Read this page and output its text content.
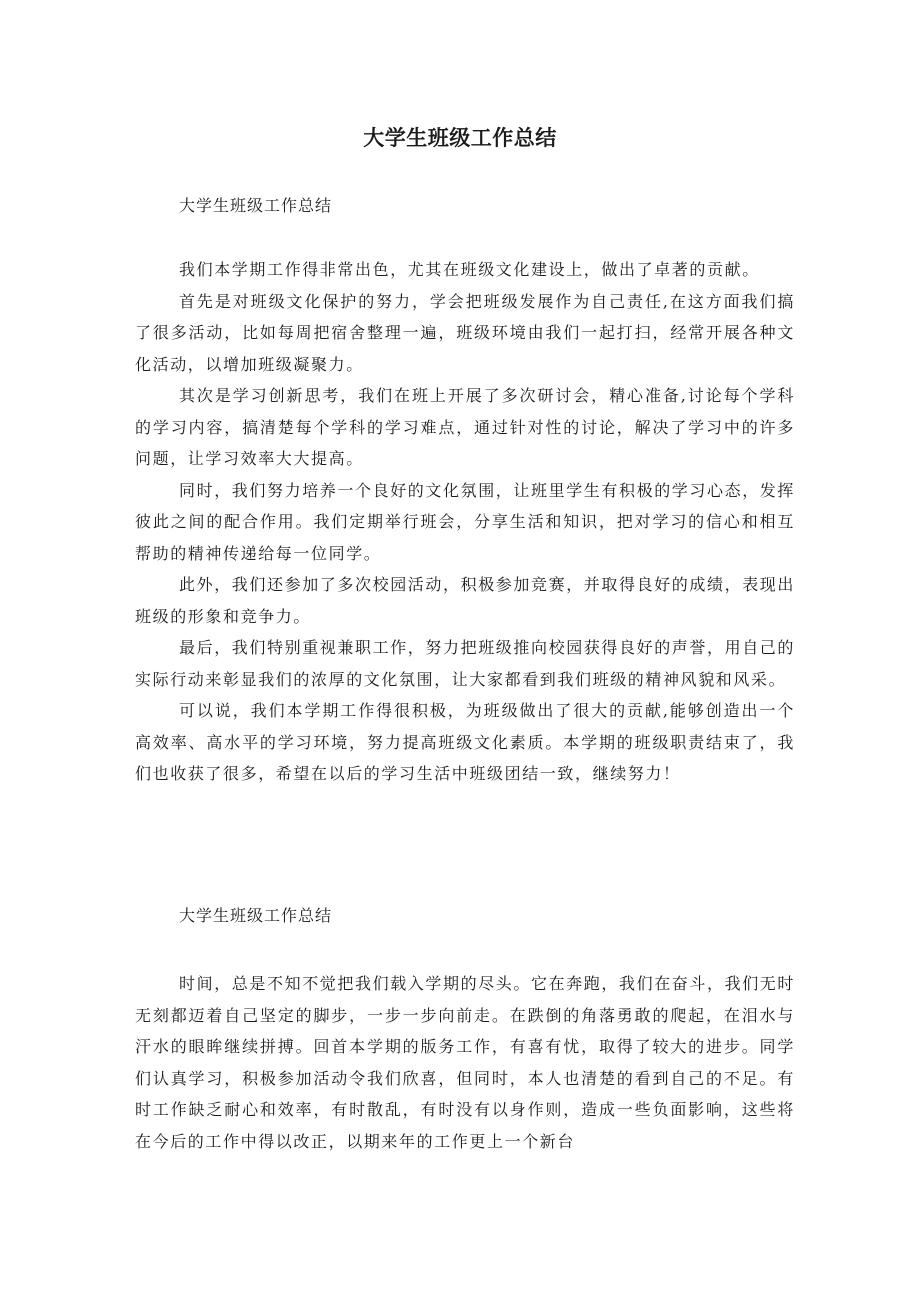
大学生班级工作总结

大学生班级工作总结

我们本学期工作得非常出色，尤其在班级文化建设上，做出了卓著的贡献。

首先是对班级文化保护的努力，学会把班级发展作为自己责任,在这方面我们搞了很多活动，比如每周把宿舍整理一遍，班级环境由我们一起打扫，经常开展各种文化活动，以增加班级凝聚力。

其次是学习创新思考，我们在班上开展了多次研讨会，精心准备,讨论每个学科的学习内容，搞清楚每个学科的学习难点，通过针对性的讨论，解决了学习中的许多问题，让学习效率大大提高。

同时，我们努力培养一个良好的文化氛围，让班里学生有积极的学习心态，发挥彼此之间的配合作用。我们定期举行班会，分享生活和知识，把对学习的信心和相互帮助的精神传递给每一位同学。

此外，我们还参加了多次校园活动，积极参加竞赛，并取得良好的成绩，表现出班级的形象和竞争力。

最后，我们特别重视兼职工作，努力把班级推向校园获得良好的声誉，用自己的实际行动来彰显我们的浓厚的文化氛围，让大家都看到我们班级的精神风貌和风采。

可以说，我们本学期工作得很积极，为班级做出了很大的贡献,能够创造出一个高效率、高水平的学习环境，努力提高班级文化素质。本学期的班级职责结束了，我们也收获了很多，希望在以后的学习生活中班级团结一致，继续努力！

大学生班级工作总结

时间，总是不知不觉把我们载入学期的尽头。它在奔跑，我们在奋斗，我们无时无刻都迈着自己坚定的脚步，一步一步向前走。在跌倒的角落勇敢的爬起，在泪水与汗水的眼眸继续拼搏。回首本学期的版务工作，有喜有忧，取得了较大的进步。同学们认真学习，积极参加活动令我们欣喜，但同时，本人也清楚的看到自己的不足。有时工作缺乏耐心和效率，有时散乱，有时没有以身作则，造成一些负面影响，这些将在今后的工作中得以改正，以期来年的工作更上一个新台
